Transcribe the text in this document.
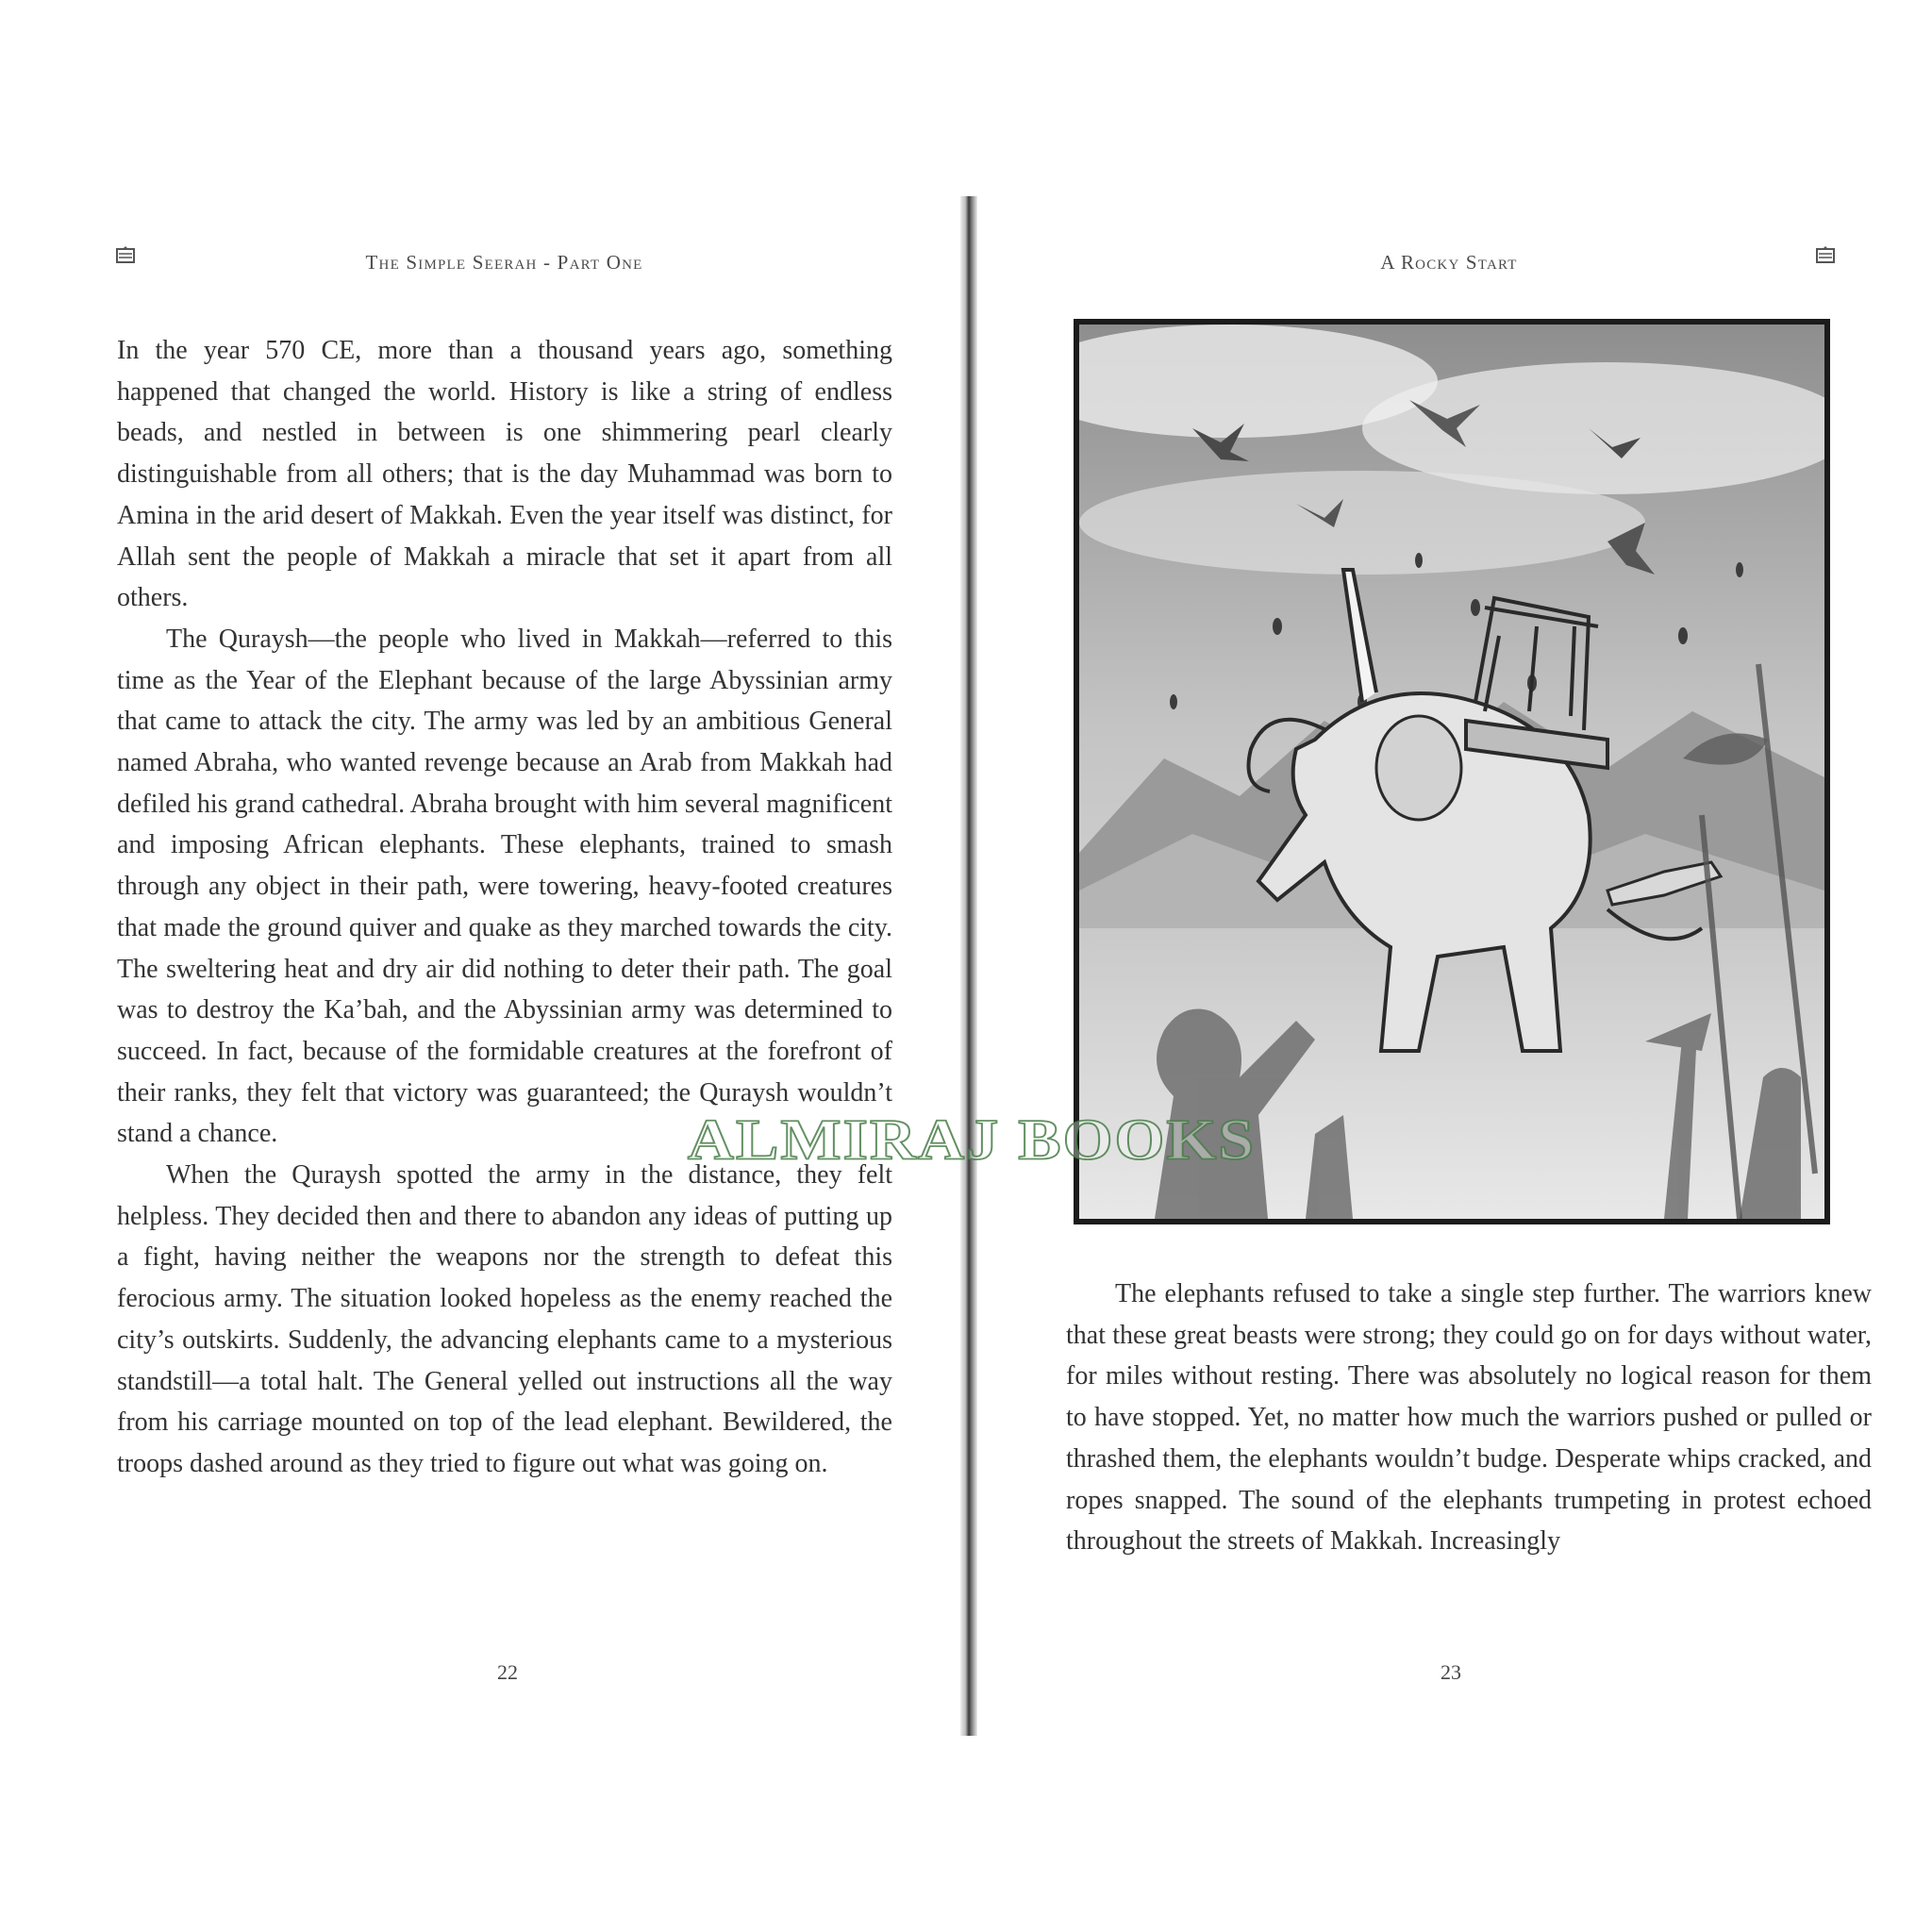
The Simple Seerah - Part One

In the year 570 CE, more than a thousand years ago, something happened that changed the world. History is like a string of endless beads, and nestled in between is one shimmering pearl clearly distinguishable from all others; that is the day Muhammad was born to Amina in the arid desert of Makkah. Even the year itself was distinct, for Allah sent the people of Makkah a miracle that set it apart from all others.

The Quraysh—the people who lived in Makkah—referred to this time as the Year of the Elephant because of the large Abyssinian army that came to attack the city. The army was led by an ambitious General named Abraha, who wanted revenge because an Arab from Makkah had defiled his grand cathedral. Abraha brought with him several magnificent and imposing African elephants. These elephants, trained to smash through any object in their path, were towering, heavy-footed creatures that made the ground quiver and quake as they marched towards the city. The sweltering heat and dry air did nothing to deter their path. The goal was to destroy the Ka’bah, and the Abyssinian army was determined to succeed. In fact, because of the formidable creatures at the forefront of their ranks, they felt that victory was guaranteed; the Quraysh wouldn’t stand a chance.

When the Quraysh spotted the army in the distance, they felt helpless. They decided then and there to abandon any ideas of putting up a fight, having neither the weapons nor the strength to defeat this ferocious army. The situation looked hopeless as the enemy reached the city’s outskirts. Suddenly, the advancing elephants came to a mysterious standstill—a total halt. The General yelled out instructions all the way from his carriage mounted on top of the lead elephant. Bewildered, the troops dashed around as they tried to figure out what was going on.

22
A Rocky Start

The elephants refused to take a single step further. The warriors knew that these great beasts were strong; they could go on for days without water, for miles without resting. There was absolutely no logical reason for them to have stopped. Yet, no matter how much the warriors pushed or pulled or thrashed them, the elephants wouldn’t budge. Desperate whips cracked, and ropes snapped. The sound of the elephants trumpeting in protest echoed throughout the streets of Makkah. Increasingly

23
ALMIRAJ BOOKS
